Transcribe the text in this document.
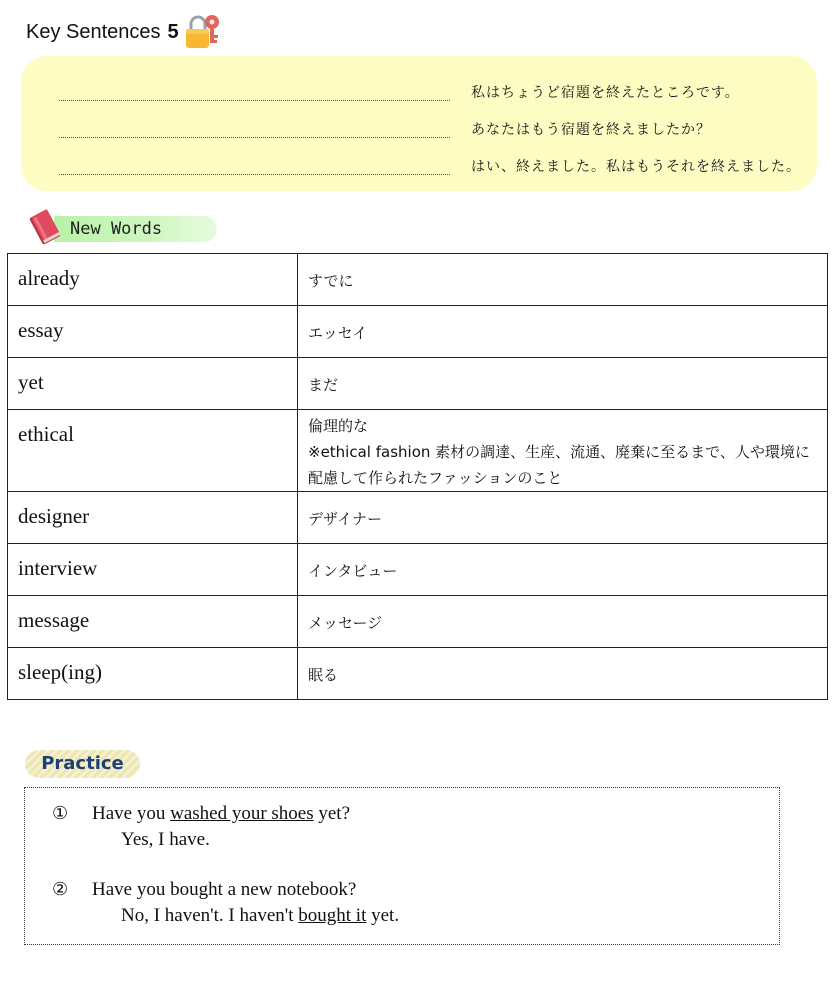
Key Sentences 5
私はちょうど宿題を終えたところです。
あなたはもう宿題を終えましたか？
はい、終えました。私はもうそれを終えました。
New Words
already	すでに
essay	エッセイ
yet	まだ
ethical	倫理的な
※ethical fashion 素材の調達、生産、流通、廃棄に至るまで、人や環境に配慮して作られたファッションのこと

designer	デザイナー
interview	インタビュー
message	メッセージ
sleep(ing)	眠る
Practice
① Have you washed your shoes yet?
Yes, I have.
② Have you bought a new notebook?
No, I haven't. I haven't bought it yet.
